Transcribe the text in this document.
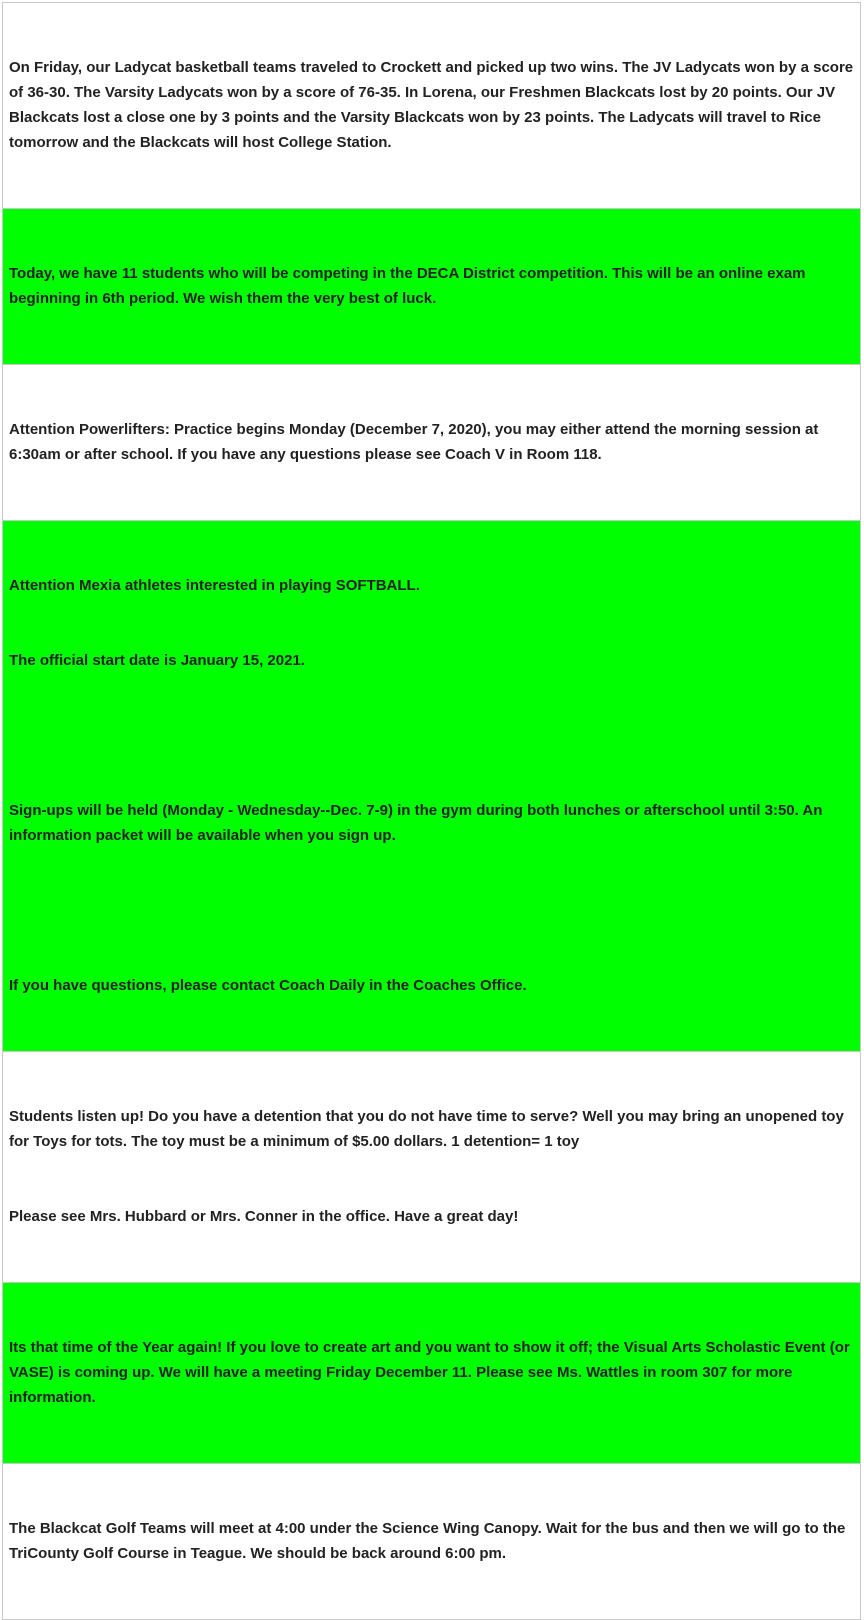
On Friday, our Ladycat basketball teams traveled to Crockett and picked up two wins. The JV Ladycats won by a score of 36-30. The Varsity Ladycats won by a score of 76-35. In Lorena, our Freshmen Blackcats lost by 20 points. Our JV Blackcats lost a close one by 3 points and the Varsity Blackcats won by 23 points. The Ladycats will travel to Rice tomorrow and the Blackcats will host College Station.

Today, we have 11 students who will be competing in the DECA District competition. This will be an online exam beginning in 6th period. We wish them the very best of luck.

Attention Powerlifters: Practice begins Monday (December 7, 2020), you may either attend the morning session at 6:30am or after school. If you have any questions please see Coach V in Room 118.

Attention Mexia athletes interested in playing SOFTBALL.

The official start date is January 15, 2021.

Sign-ups will be held (Monday - Wednesday--Dec. 7-9) in the gym during both lunches or afterschool until 3:50. An information packet will be available when you sign up.

If you have questions, please contact Coach Daily in the Coaches Office.

Students listen up! Do you have a detention that you do not have time to serve? Well you may bring an unopened toy for Toys for tots. The toy must be a minimum of $5.00 dollars. 1 detention= 1 toy

Please see Mrs. Hubbard or Mrs. Conner in the office. Have a great day!

Its that time of the Year again! If you love to create art and you want to show it off; the Visual Arts Scholastic Event (or VASE) is coming up. We will have a meeting Friday December 11. Please see Ms. Wattles in room 307 for more information.

The Blackcat Golf Teams will meet at 4:00 under the Science Wing Canopy. Wait for the bus and then we will go to the TriCounty Golf Course in Teague. We should be back around 6:00 pm.
